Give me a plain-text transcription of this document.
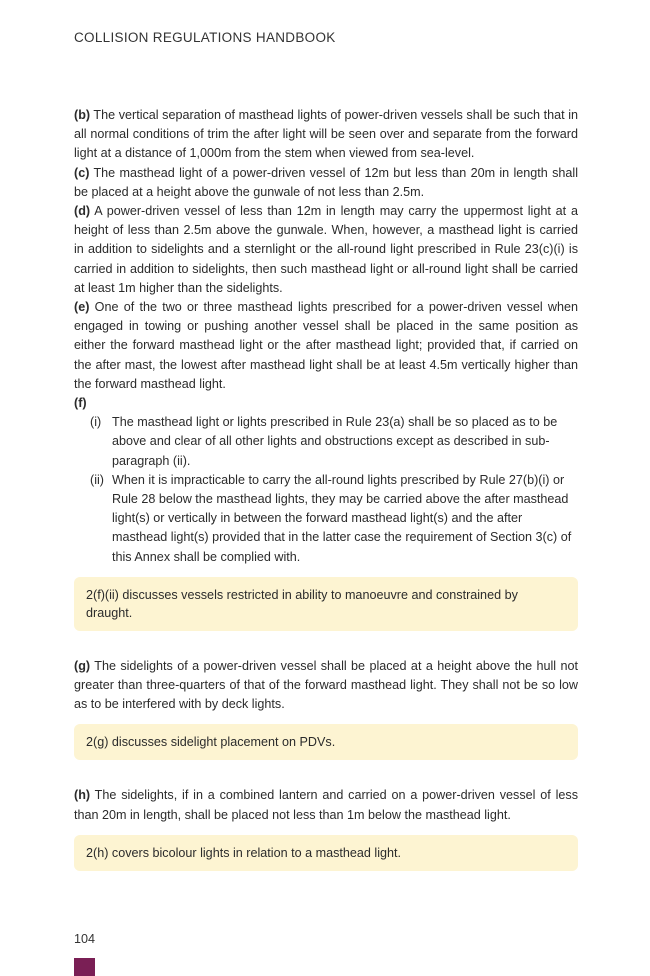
COLLISION REGULATIONS HANDBOOK

(b) The vertical separation of masthead lights of power-driven vessels shall be such that in all normal conditions of trim the after light will be seen over and separate from the forward light at a distance of 1,000m from the stem when viewed from sea-level.

(c) The masthead light of a power-driven vessel of 12m but less than 20m in length shall be placed at a height above the gunwale of not less than 2.5m.

(d) A power-driven vessel of less than 12m in length may carry the uppermost light at a height of less than 2.5m above the gunwale. When, however, a masthead light is carried in addition to sidelights and a sternlight or the all-round light prescribed in Rule 23(c)(i) is carried in addition to sidelights, then such masthead light or all-round light shall be carried at least 1m higher than the sidelights.

(e) One of the two or three masthead lights prescribed for a power-driven vessel when engaged in towing or pushing another vessel shall be placed in the same position as either the forward masthead light or the after masthead light; provided that, if carried on the after mast, the lowest after masthead light shall be at least 4.5m vertically higher than the forward masthead light.

(f)

(i) The masthead light or lights prescribed in Rule 23(a) shall be so placed as to be above and clear of all other lights and obstructions except as described in sub-paragraph (ii).
(ii) When it is impracticable to carry the all-round lights prescribed by Rule 27(b)(i) or Rule 28 below the masthead lights, they may be carried above the after masthead light(s) or vertically in between the forward masthead light(s) and the after masthead light(s) provided that in the latter case the requirement of Section 3(c) of this Annex shall be complied with.
2(f)(ii) discusses vessels restricted in ability to manoeuvre and constrained by draught.

(g) The sidelights of a power-driven vessel shall be placed at a height above the hull not greater than three-quarters of that of the forward masthead light. They shall not be so low as to be interfered with by deck lights.

2(g) discusses sidelight placement on PDVs.

(h) The sidelights, if in a combined lantern and carried on a power-driven vessel of less than 20m in length, shall be placed not less than 1m below the masthead light.

2(h) covers bicolour lights in relation to a masthead light.
104
